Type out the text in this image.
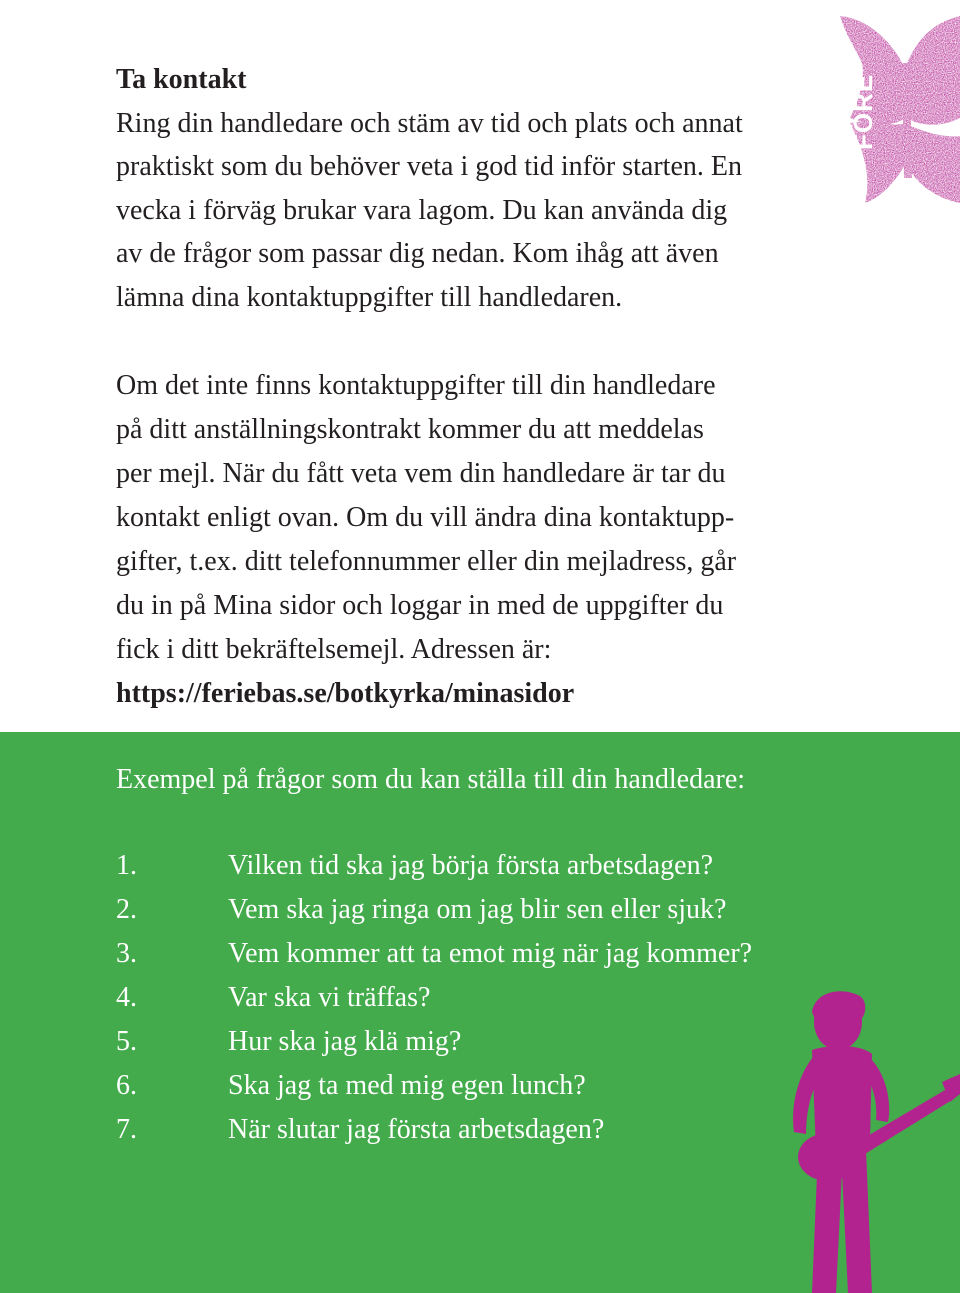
Ta kontakt

Ring din handledare och stäm av tid och plats och annat
praktiskt som du behöver veta i god tid inför starten. En
vecka i förväg brukar vara lagom. Du kan använda dig
av de frågor som passar dig nedan. Kom ihåg att även
lämna dina kontaktuppgifter till handledaren.

Om det inte finns kontaktuppgifter till din handledare
på ditt anställningskontrakt kommer du att meddelas
per mejl. När du fått veta vem din handledare är tar du
kontakt enligt ovan. Om du vill ändra dina kontaktupp-
gifter, t.ex. ditt telefonnummer eller din mejladress, går
du in på Mina sidor och loggar in med de uppgifter du
fick i ditt bekräftelsemejl. Adressen är:
https://feriebas.se/botkyrka/minasidor

FÖRE
Exempel på frågor som du kan ställa till din handledare:
1.	Vilken tid ska jag börja första arbetsdagen?
2.	Vem ska jag ringa om jag blir sen eller sjuk?
3.	Vem kommer att ta emot mig när jag kommer?
4.	Var ska vi träffas?
5.	Hur ska jag klä mig?
6.	Ska jag ta med mig egen lunch?
7.	När slutar jag första arbetsdagen?
